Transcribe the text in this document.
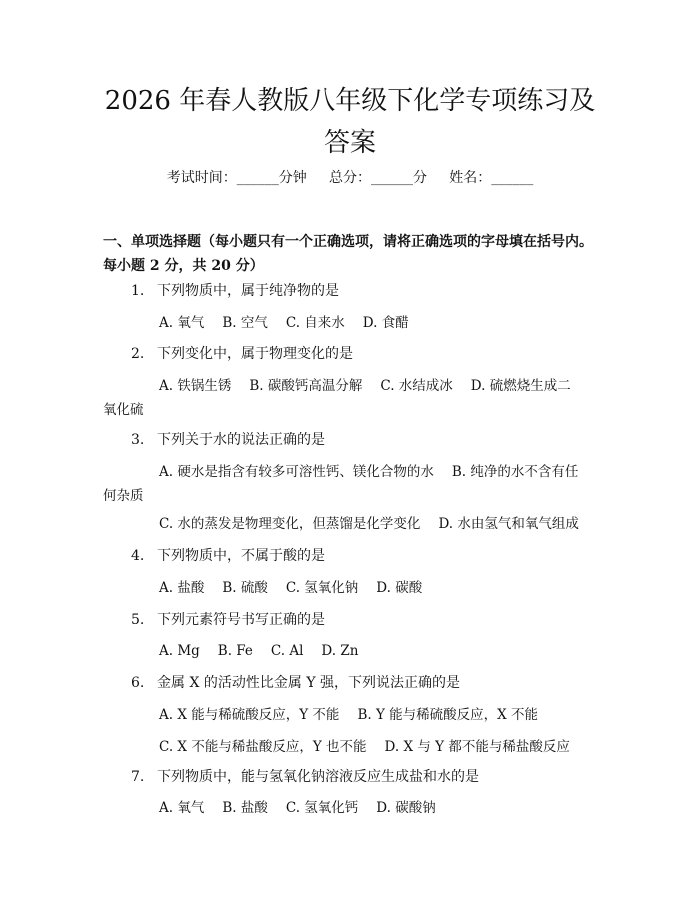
2026 年春人教版八年级下化学专项练习及答案
考试时间：______分钟     总分：______分     姓名：______
一、单项选择题（每小题只有一个正确选项，请将正确选项的字母填在括号内。每小题 2 分，共 20 分）
1. 下列物质中，属于纯净物的是
A. 氧气 B. 空气 C. 自来水 D. 食醋
2. 下列变化中，属于物理变化的是
A. 铁锅生锈 B. 碳酸钙高温分解 C. 水结成冰 D. 硫燃烧生成二
氧化硫
3. 下列关于水的说法正确的是
A. 硬水是指含有较多可溶性钙、镁化合物的水 B. 纯净的水不含有任
何杂质
C. 水的蒸发是物理变化，但蒸馏是化学变化 D. 水由氢气和氧气组成
4. 下列物质中，不属于酸的是
A. 盐酸 B. 硫酸 C. 氢氧化钠 D. 碳酸
5. 下列元素符号书写正确的是
A. Mg B. Fe C. Al D. Zn
6. 金属 X 的活动性比金属 Y 强，下列说法正确的是
A. X 能与稀硫酸反应，Y 不能 B. Y 能与稀硫酸反应，X 不能
C. X 不能与稀盐酸反应，Y 也不能 D. X 与 Y 都不能与稀盐酸反应
7. 下列物质中，能与氢氧化钠溶液反应生成盐和水的是
A. 氧气 B. 盐酸 C. 氢氧化钙 D. 碳酸钠
